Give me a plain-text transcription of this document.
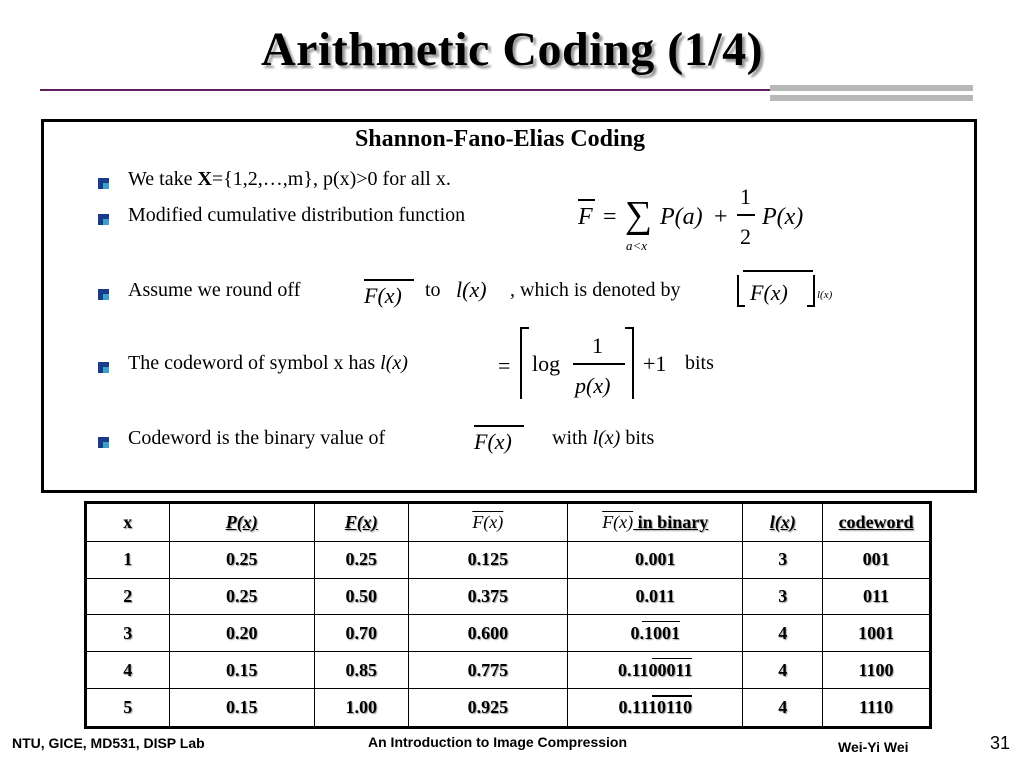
Arithmetic Coding (1/4)
Shannon-Fano-Elias Coding
We take X={1,2,…,m}, p(x)>0 for all x.
Modified cumulative distribution function	F = ∑
a<x
P(a) +
1
2
P(x)
Assume we round off	F(x) to l(x) , which is denoted by	F(x)	l(x)
The codeword of symbol x has l(x)	= log
1
p(x)
+1 bits
Codeword is the binary value of	F(x) with l(x) bits
x	P(x)	F(x)	F(x)	F(x) in binary	l(x)	codeword
1	0.25	0.25	0.125	0.001	3	001
2	0.25	0.50	0.375	0.011	3	011
3	0.20	0.70	0.600	0.1001	4	1001
4	0.15	0.85	0.775	0.1100011	4	1100
5	0.15	1.00	0.925	0.1110110	4	1110
NTU, GICE, MD531, DISP Lab	An Introduction to Image Compression	Wei-Yi Wei	31
